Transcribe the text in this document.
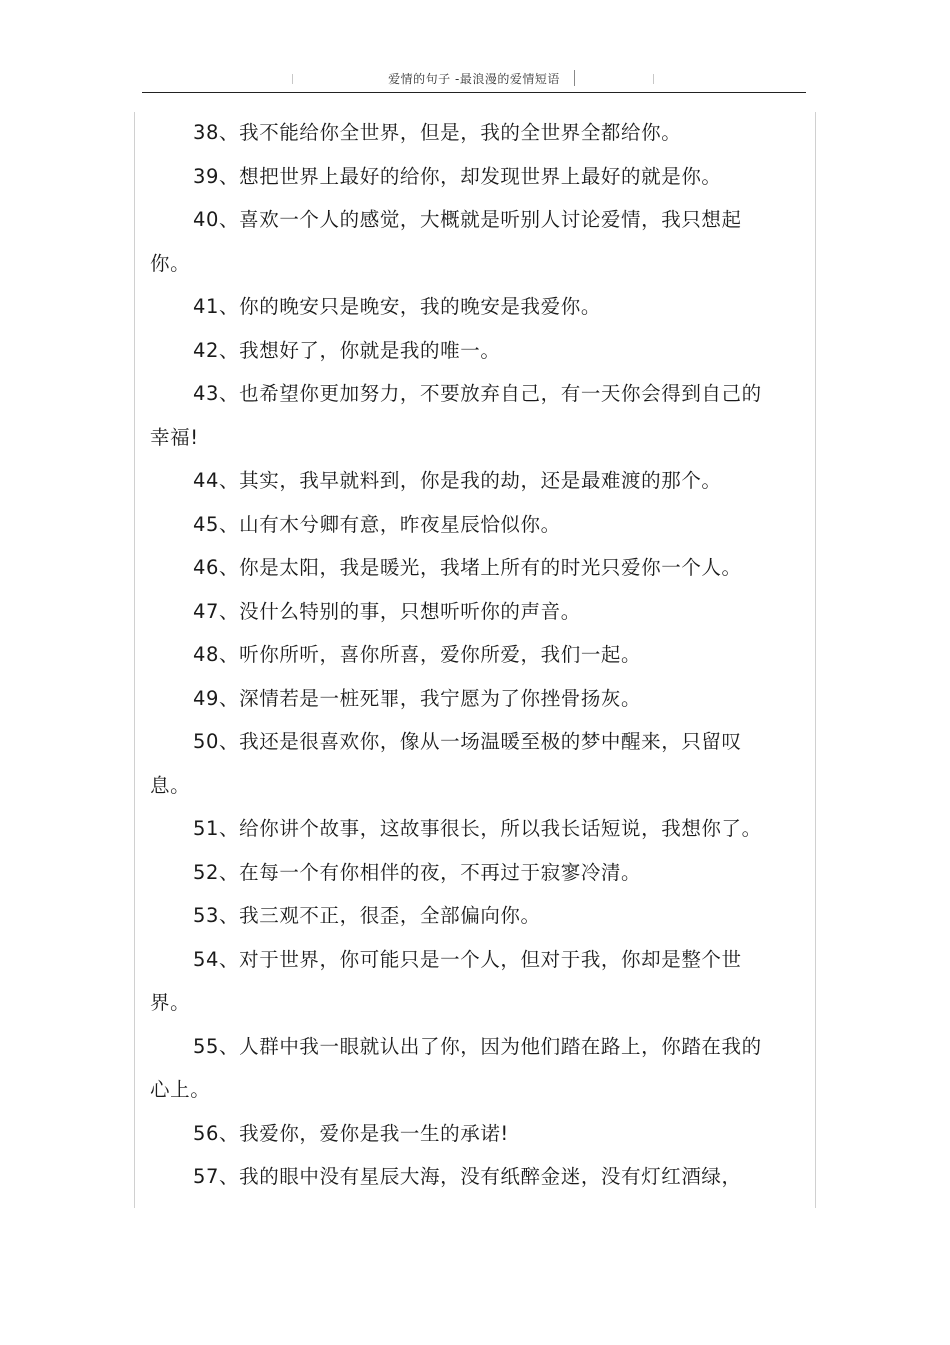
爱情的句子 -最浪漫的爱情短语

38、我不能给你全世界，但是，我的全世界全都给你。

39、想把世界上最好的给你，却发现世界上最好的就是你。

40、喜欢一个人的感觉，大概就是听别人讨论爱情，我只想起你。

41、你的晚安只是晚安，我的晚安是我爱你。

42、我想好了，你就是我的唯一。

43、也希望你更加努力，不要放弃自己，有一天你会得到自己的幸福!

44、其实，我早就料到，你是我的劫，还是最难渡的那个。

45、山有木兮卿有意，昨夜星辰恰似你。

46、你是太阳，我是暖光，我堵上所有的时光只爱你一个人。

47、没什么特别的事，只想听听你的声音。

48、听你所听，喜你所喜，爱你所爱，我们一起。

49、深情若是一桩死罪，我宁愿为了你挫骨扬灰。

50、我还是很喜欢你，像从一场温暖至极的梦中醒来，只留叹息。

51、给你讲个故事，这故事很长，所以我长话短说，我想你了。

52、在每一个有你相伴的夜，不再过于寂寥冷清。

53、我三观不正，很歪，全部偏向你。

54、对于世界，你可能只是一个人，但对于我，你却是整个世界。

55、人群中我一眼就认出了你，因为他们踏在路上，你踏在我的心上。

56、我爱你，爱你是我一生的承诺!

57、我的眼中没有星辰大海，没有纸醉金迷，没有灯红酒绿，
